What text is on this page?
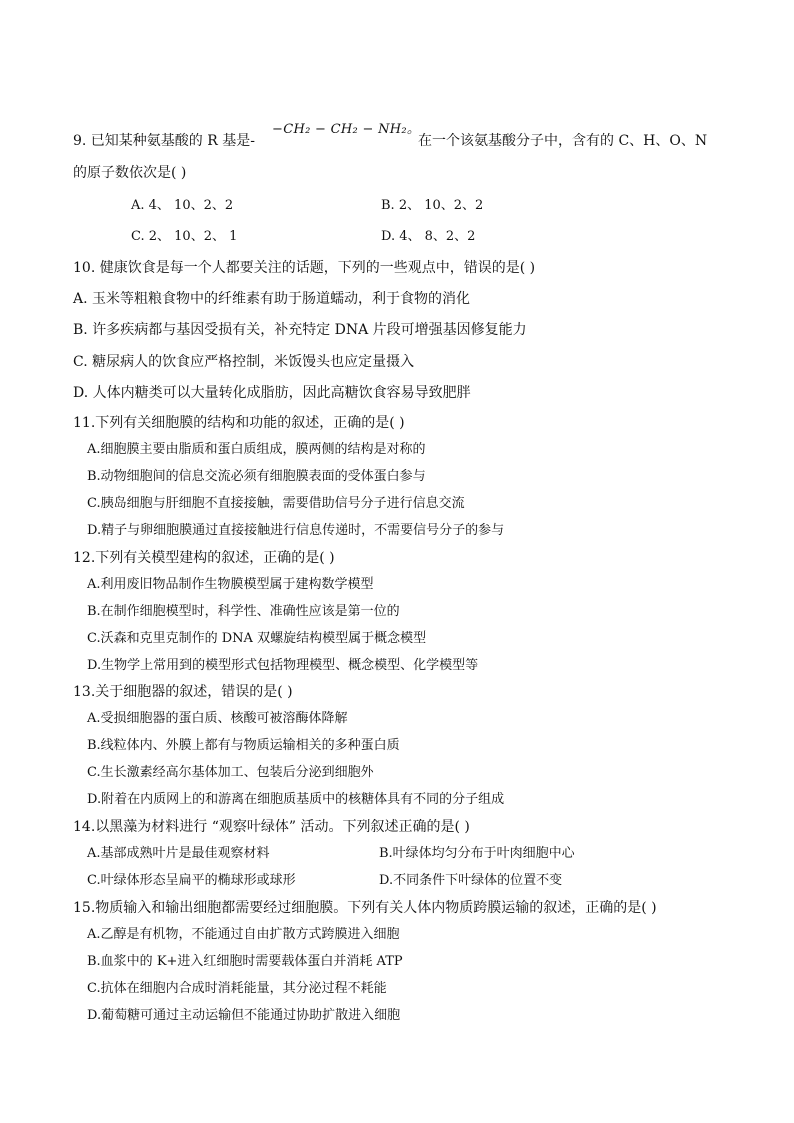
−CH₂ − CH₂ − NH₂。
9. 已知某种氨基酸的 R 基是-	在一个该氨基酸分子中，含有的 C、H、O、N
的原子数依次是( )
A. 4、 10、2、2	B. 2、 10、2、2
C. 2、 10、2、 1	D. 4、 8、2、2
10. 健康饮食是每一个人都要关注的话题，下列的一些观点中，错误的是( )
A. 玉米等粗粮食物中的纤维素有助于肠道蠕动，利于食物的消化
B. 许多疾病都与基因受损有关，补充特定 DNA 片段可增强基因修复能力
C. 糖尿病人的饮食应严格控制，米饭馒头也应定量摄入
D. 人体内糖类可以大量转化成脂肪，因此高糖饮食容易导致肥胖
11.下列有关细胞膜的结构和功能的叙述，正确的是( )
A.细胞膜主要由脂质和蛋白质组成，膜两侧的结构是对称的
B.动物细胞间的信息交流必须有细胞膜表面的受体蛋白参与
C.胰岛细胞与肝细胞不直接接触，需要借助信号分子进行信息交流
D.精子与卵细胞膜通过直接接触进行信息传递时，不需要信号分子的参与
12.下列有关模型建构的叙述，正确的是( )
A.利用废旧物品制作生物膜模型属于建构数学模型
B.在制作细胞模型时，科学性、准确性应该是第一位的
C.沃森和克里克制作的 DNA 双螺旋结构模型属于概念模型
D.生物学上常用到的模型形式包括物理模型、概念模型、化学模型等
13.关于细胞器的叙述，错误的是( )
A.受损细胞器的蛋白质、核酸可被溶酶体降解
B.线粒体内、外膜上都有与物质运输相关的多种蛋白质
C.生长激素经高尔基体加工、包装后分泌到细胞外
D.附着在内质网上的和游离在细胞质基质中的核糖体具有不同的分子组成
14.以黑藻为材料进行 “观察叶绿体” 活动。下列叙述正确的是( )
A.基部成熟叶片是最佳观察材料	B.叶绿体均匀分布于叶肉细胞中心
C.叶绿体形态呈扁平的椭球形或球形	D.不同条件下叶绿体的位置不变
15.物质输入和输出细胞都需要经过细胞膜。下列有关人体内物质跨膜运输的叙述，正确的是( )
A.乙醇是有机物，不能通过自由扩散方式跨膜进入细胞
B.血浆中的 K+进入红细胞时需要载体蛋白并消耗 ATP
C.抗体在细胞内合成时消耗能量，其分泌过程不耗能
D.葡萄糖可通过主动运输但不能通过协助扩散进入细胞
